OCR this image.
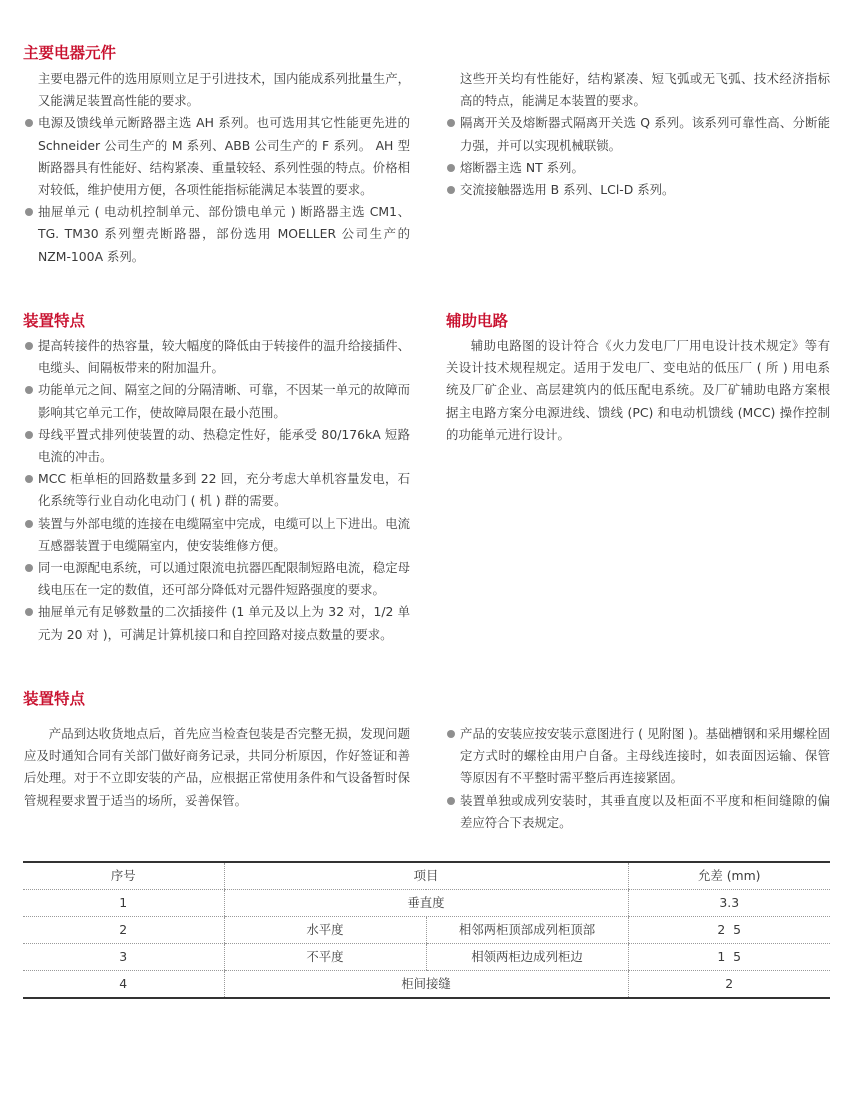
主要电器元件

主要电器元件的选用原则立足于引进技术，国内能成系列批量生产，又能满足装置高性能的要求。

电源及馈线单元断路器主选 AH 系列。也可选用其它性能更先进的 Schneider 公司生产的 M 系列、ABB 公司生产的 F 系列。 AH 型断路器具有性能好、结构紧凑、重量较轻、系列性强的特点。价格相对较低，维护使用方便，各项性能指标能满足本装置的要求。
抽屉单元 ( 电动机控制单元、部份馈电单元 ) 断路器主选 CM1、TG. TM30 系列塑壳断路器，部份选用 MOELLER 公司生产的 NZM-100A 系列。

这些开关均有性能好，结构紧凑、短飞弧或无飞弧、技术经济指标高的特点，能满足本装置的要求。

隔离开关及熔断器式隔离开关选 Q 系列。该系列可靠性高、分断能力强，并可以实现机械联锁。
熔断器主选 NT 系列。
交流接触器选用 B 系列、LCl-D 系列。
装置特点
提高转接件的热容量，较大幅度的降低由于转接件的温升给接插件、电缆头、间隔板带来的附加温升。
功能单元之间、隔室之间的分隔清晰、可靠，不因某一单元的故障而影响其它单元工作，使故障局限在最小范围。
母线平置式排列使装置的动、热稳定性好，能承受 80/176kA 短路电流的冲击。
MCC 柜单柜的回路数量多到 22 回，充分考虑大单机容量发电，石化系统等行业自动化电动门 ( 机 ) 群的需要。
装置与外部电缆的连接在电缆隔室中完成，电缆可以上下进出。电流互感器装置于电缆隔室内，使安装维修方便。
同一电源配电系统，可以通过限流电抗器匹配限制短路电流，稳定母线电压在一定的数值，还可部分降低对元器件短路强度的要求。
抽屉单元有足够数量的二次插接件 (1 单元及以上为 32 对，1/2 单元为 20 对 )，可满足计算机接口和自控回路对接点数量的要求。
辅助电路

辅助电路图的设计符合《火力发电厂厂用电设计技术规定》等有关设计技术规程规定。适用于发电厂、变电站的低压厂 ( 所 ) 用电系统及厂矿企业、高层建筑内的低压配电系统。及厂矿辅助电路方案根据主电路方案分电源进线、馈线 (PC) 和电动机馈线 (MCC) 操作控制的功能单元进行设计。

装置特点

产品到达收货地点后，首先应当检查包装是否完整无损，发现问题应及时通知合同有关部门做好商务记录，共同分析原因，作好签证和善后处理。对于不立即安装的产品，应根据正常使用条件和气设备暂时保管规程要求置于适当的场所，妥善保管。

产品的安装应按安装示意图进行 ( 见附图 )。基础槽钢和采用螺栓固定方式时的螺栓由用户自备。主母线连接时，如表面因运输、保管等原因有不平整时需平整后再连接紧固。
装置单独或成列安装时，其垂直度以及柜面不平度和柜间缝隙的偏差应符合下表规定。
序号	项目		允差 (mm)
1	垂直度		3.3
2	水平度	相邻两柜顶部成列柜顶部	2  5
3	不平度	相领两柜边成列柜边	1  5
4	柜间接缝		2
